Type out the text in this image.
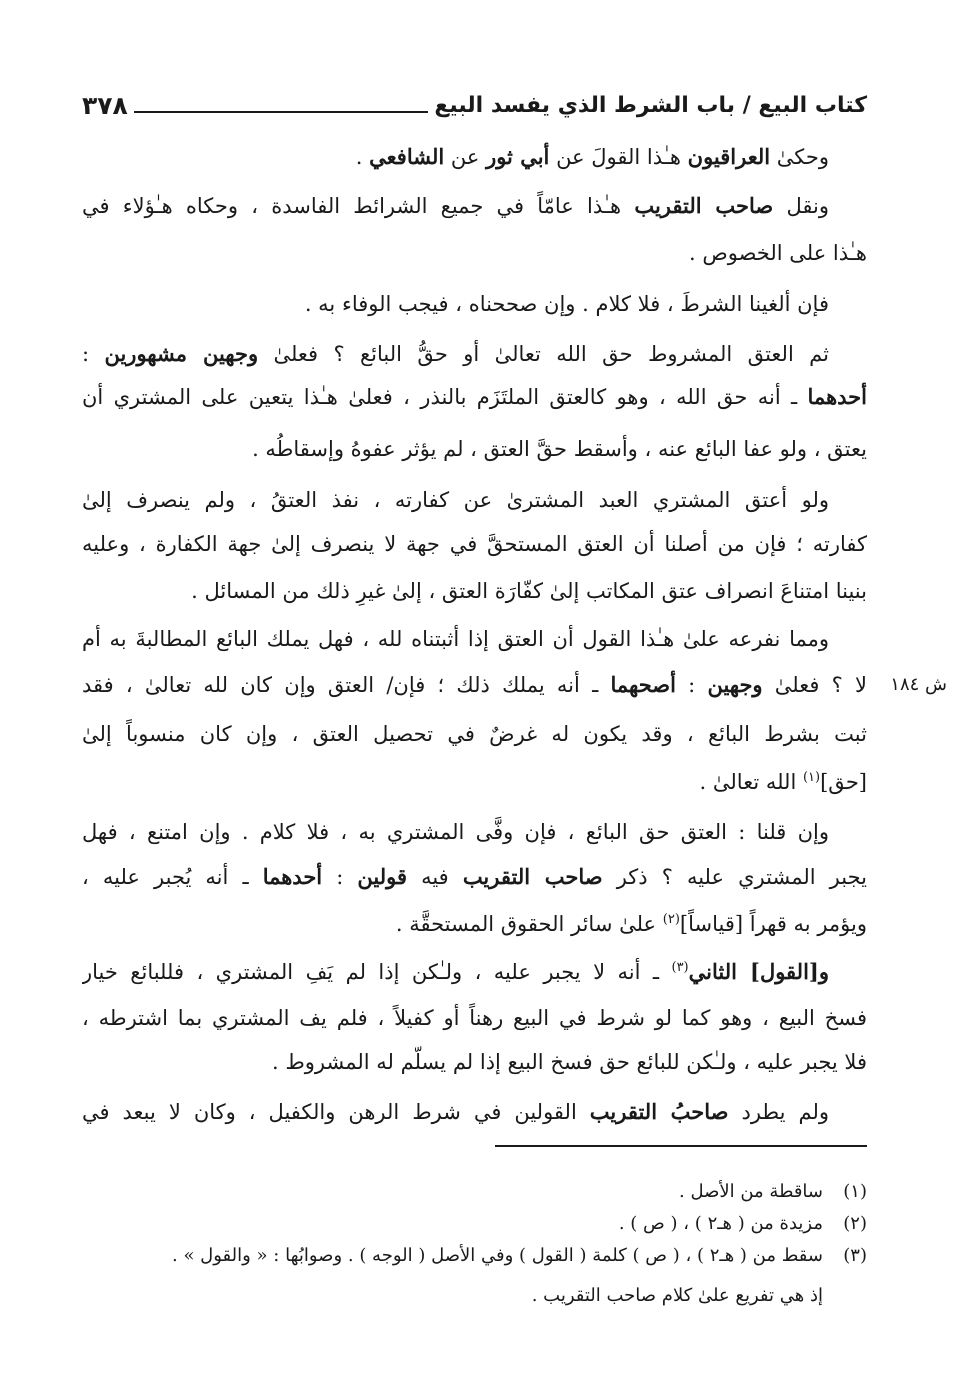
كتاب البيع / باب الشرط الذي يفسد البيع
٣٧٨
وحكىٰ العراقيون هـٰذا القولَ عن أبي ثور عن الشافعي .
ونقل صاحب التقريب هـٰذا عامّاً في جميع الشرائط الفاسدة ، وحكاه هـٰؤلاء في
هـٰذا على الخصوص .
فإن ألغينا الشرطَ ، فلا كلام . وإن صححناه ، فيجب الوفاء به .
ثم العتق المشروط حق الله تعالىٰ أو حقُّ البائع ؟ فعلىٰ وجهين مشهورين :
أحدهما ـ أنه حق الله ، وهو كالعتق الملتَزَم بالنذر ، فعلىٰ هـٰذا يتعين على المشتري أن
يعتق ، ولو عفا البائع عنه ، وأسقط حقَّ العتق ، لم يؤثر عفوهُ وإسقاطُه .
ولو أعتق المشتري العبد المشترىٰ عن كفارته ، نفذ العتقُ ، ولم ينصرف إلىٰ
كفارته ؛ فإن من أصلنا أن العتق المستحقَّ في جهة لا ينصرف إلىٰ جهة الكفارة ، وعليه
بنينا امتناعَ انصراف عتق المكاتب إلىٰ كفّارَة العتق ، إلىٰ غيرِ ذلك من المسائل .
ومما نفرعه علىٰ هـٰذا القول أن العتق إذا أثبتناه لله ، فهل يملك البائع المطالبةَ به أم
ش ١٨٤
لا ؟ فعلىٰ وجهين : أصحهما ـ أنه يملك ذلك ؛ فإن/ العتق وإن كان لله تعالىٰ ، فقد
ثبت بشرط البائع ، وقد يكون له غرضٌ في تحصيل العتق ، وإن كان منسوباً إلىٰ
[حق]$^{(١)}$ الله تعالىٰ .
وإن قلنا : العتق حق البائع ، فإن وفَّى المشتري به ، فلا كلام . وإن امتنع ، فهل
يجبر المشتري عليه ؟ ذكر صاحب التقريب فيه قولين : أحدهما ـ أنه يُجبر عليه ،
ويؤمر به قهراً [قياساً]$^{(٢)}$ علىٰ سائر الحقوق المستحقَّة .
و[القول] الثاني$^{(٣)}$ ـ أنه لا يجبر عليه ، ولـٰكن إذا لم يَفِ المشتري ، فللبائع خيار
فسخ البيع ، وهو كما لو شرط في البيع رهناً أو كفيلاً ، فلم يف المشتري بما اشترطه ،
فلا يجبر عليه ، ولـٰكن للبائع حق فسخ البيع إذا لم يسلّم له المشروط .
ولم يطرد صاحبُ التقريب القولين في شرط الرهن والكفيل ، وكان لا يبعد في
(١)ساقطة من الأصل .
(٢)مزيدة من ( هـ٢ ) ، ( ص ) .
(٣)سقط من ( هـ٢ ) ، ( ص ) كلمة ( القول ) وفي الأصل ( الوجه ) . وصوابُها : « والقول » .
إذ هي تفريع علىٰ كلام صاحب التقريب .
